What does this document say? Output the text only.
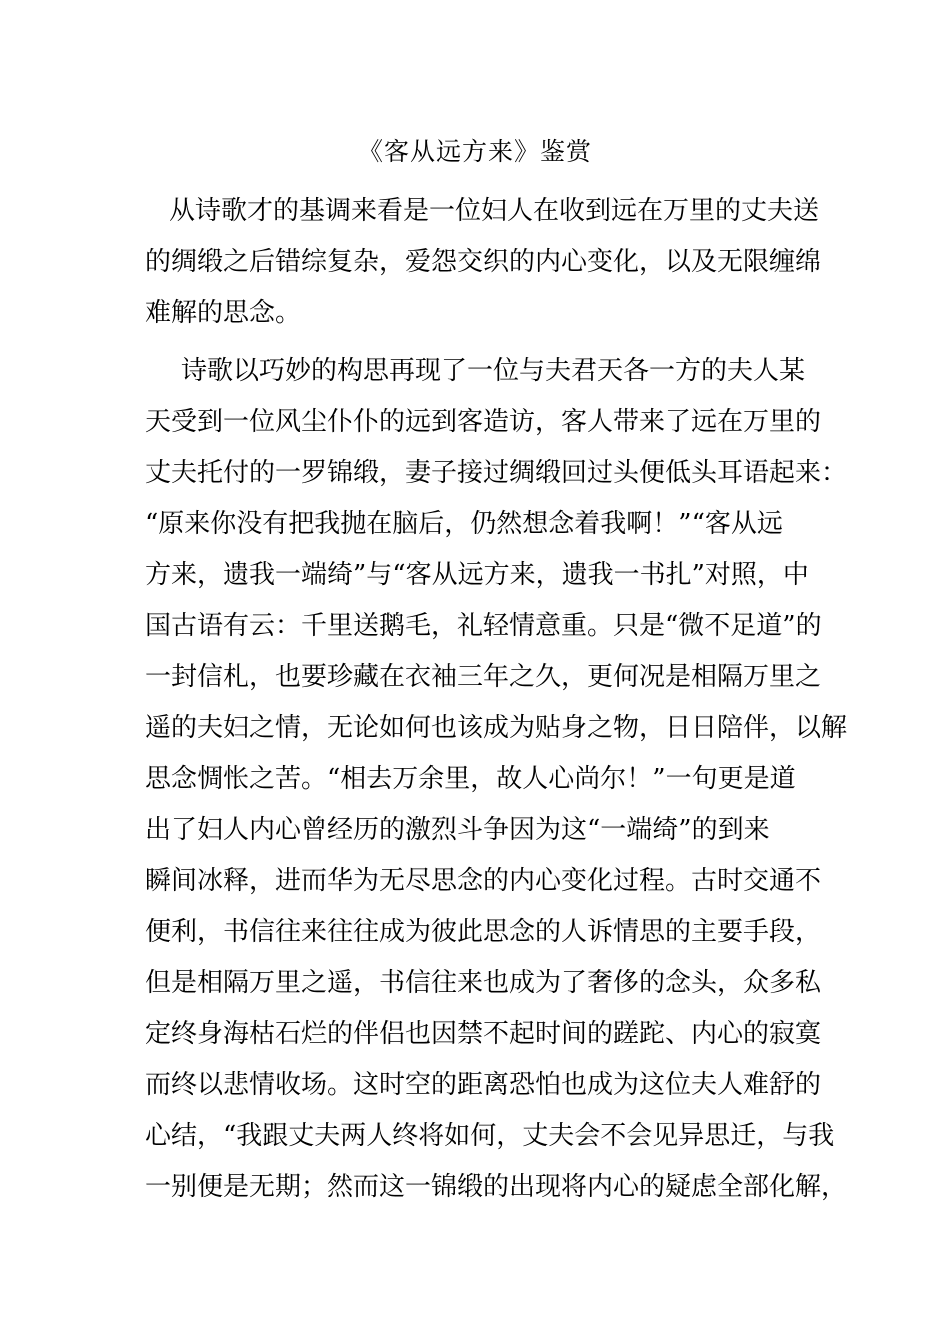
《客从远方来》鉴赏
从诗歌才的基调来看是一位妇人在收到远在万里的丈夫送
的绸缎之后错综复杂，爱怨交织的内心变化，以及无限缠绵
难解的思念。
诗歌以巧妙的构思再现了一位与夫君天各一方的夫人某
天受到一位风尘仆仆的远到客造访，客人带来了远在万里的
丈夫托付的一罗锦缎，妻子接过绸缎回过头便低头耳语起来：
“原来你没有把我抛在脑后，仍然想念着我啊！”“客从远
方来，遗我一端绮”与“客从远方来，遗我一书扎”对照，中
国古语有云：千里送鹅毛，礼轻情意重。只是“微不足道”的
一封信札，也要珍藏在衣袖三年之久，更何况是相隔万里之
遥的夫妇之情，无论如何也该成为贴身之物，日日陪伴，以解
思念惆怅之苦。“相去万余里，故人心尚尔！”一句更是道
出了妇人内心曾经历的激烈斗争因为这“一端绮”的到来
瞬间冰释，进而华为无尽思念的内心变化过程。古时交通不
便利，书信往来往往成为彼此思念的人诉情思的主要手段，
但是相隔万里之遥，书信往来也成为了奢侈的念头，众多私
定终身海枯石烂的伴侣也因禁不起时间的蹉跎、内心的寂寞
而终以悲情收场。这时空的距离恐怕也成为这位夫人难舒的
心结，“我跟丈夫两人终将如何，丈夫会不会见异思迁，与我
一别便是无期；然而这一锦缎的出现将内心的疑虑全部化解，
